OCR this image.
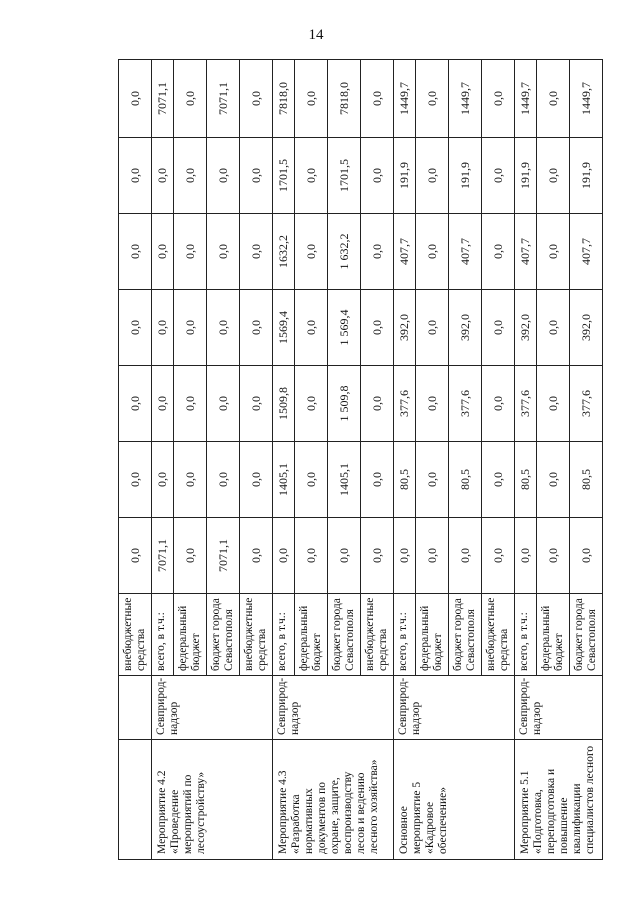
14
		внебюджетные средства	0,0	0,0	0,0	0,0	0,0	0,0	0,0
Мероприятие 4.2 «Проведение мероприятий по лесоустройству»	Севприрод-надзор	всего, в т.ч.:	7071,1	0,0	0,0	0,0	0,0	0,0	7071,1
		федеральный бюджет	0,0	0,0	0,0	0,0	0,0	0,0	0,0
		бюджет города Севастополя	7071,1	0,0	0,0	0,0	0,0	0,0	7071,1
		внебюджетные средства	0,0	0,0	0,0	0,0	0,0	0,0	0,0
Мероприятие 4.3 «Разработка нормативных документов по охране, защите, воспроизводству лесов и ведению лесного хозяйства»	Севприрод-надзор	всего, в т.ч.:	0,0	1405,1	1509,8	1569,4	1632,2	1701,5	7818,0
		федеральный бюджет	0,0	0,0	0,0	0,0	0,0	0,0	0,0
		бюджет города Севастополя	0,0	1405,1	1 509,8	1 569,4	1 632,2	1701,5	7818,0
		внебюджетные средства	0,0	0,0	0,0	0,0	0,0	0,0	0,0
Основное мероприятие 5 «Кадровое обеспечение»	Севприрод-надзор	всего, в т.ч.:	0,0	80,5	377,6	392,0	407,7	191,9	1449,7
		федеральный бюджет	0,0	0,0	0,0	0,0	0,0	0,0	0,0
		бюджет города Севастополя	0,0	80,5	377,6	392,0	407,7	191,9	1449,7
		внебюджетные средства	0,0	0,0	0,0	0,0	0,0	0,0	0,0
Мероприятие 5.1 «Подготовка, переподготовка и повышение квалификации специалистов лесного	Севприрод-надзор	всего, в т.ч.:	0,0	80,5	377,6	392,0	407,7	191,9	1449,7
		федеральный бюджет	0,0	0,0	0,0	0,0	0,0	0,0	0,0
		бюджет города Севастополя	0,0	80,5	377,6	392,0	407,7	191,9	1449,7
